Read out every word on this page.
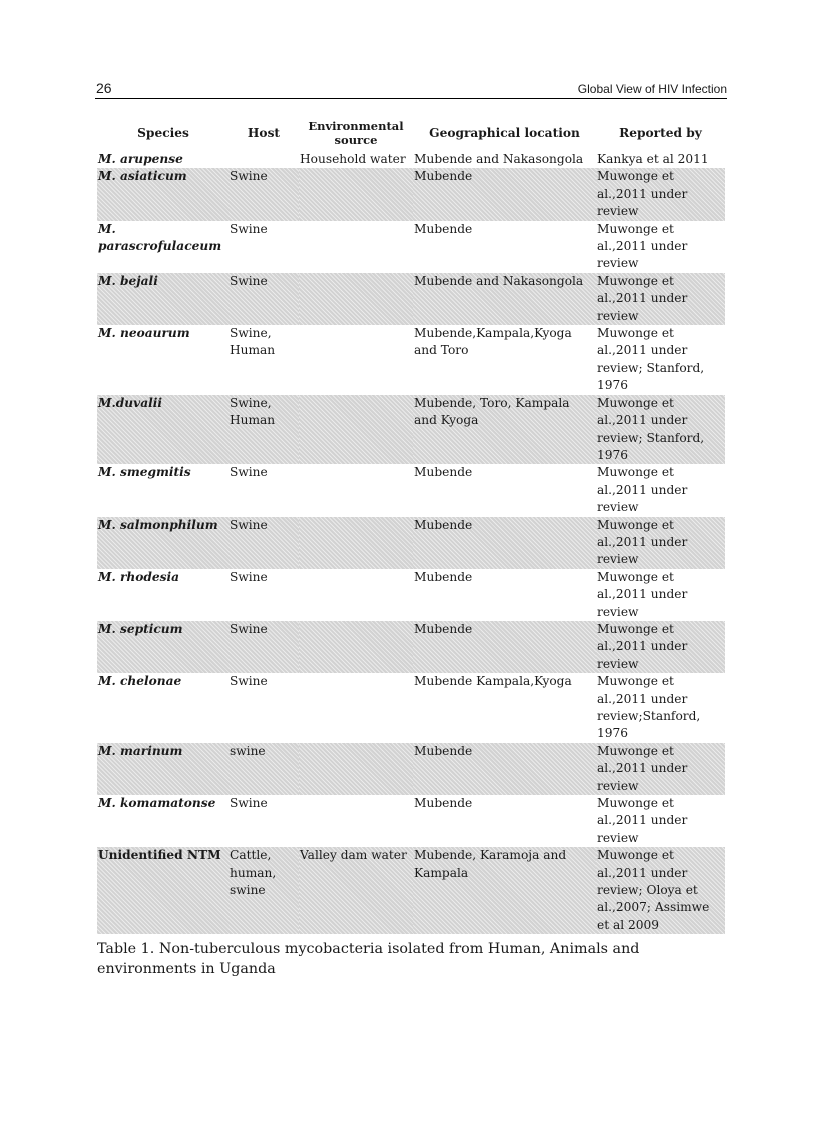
26	Global View of HIV Infection
Species	Host	Environmental source	Geographical location	Reported by
M. arupense		Household water	Mubende and Nakasongola	Kankya et al 2011
M. asiaticum	Swine		Mubende	Muwonge et al.,2011 under review
M. parascrofulaceum	Swine		Mubende	Muwonge et al.,2011 under review
M. bejali	Swine		Mubende and Nakasongola	Muwonge et al.,2011 under review
M. neoaurum	Swine, Human		Mubende,Kampala,Kyoga and Toro	Muwonge et al.,2011 under review; Stanford, 1976
M.duvalii	Swine, Human		Mubende, Toro, Kampala and Kyoga	Muwonge et al.,2011 under review; Stanford, 1976
M. smegmitis	Swine		Mubende	Muwonge et al.,2011 under review
M. salmonphilum	Swine		Mubende	Muwonge et al.,2011 under review
M. rhodesia	Swine		Mubende	Muwonge et al.,2011 under review
M. septicum	Swine		Mubende	Muwonge et al.,2011 under review
M. chelonae	Swine		Mubende Kampala,Kyoga	Muwonge et al.,2011 under review;Stanford, 1976
M. marinum	swine		Mubende	Muwonge et al.,2011 under review
M. komamatonse	Swine		Mubende	Muwonge et al.,2011 under review
Unidentified NTM	Cattle, human, swine	Valley dam water	Mubende, Karamoja and Kampala	Muwonge et al.,2011 under review; Oloya et al.,2007; Assimwe et al 2009
Table 1. Non-tuberculous mycobacteria isolated from Human, Animals and environments in Uganda
